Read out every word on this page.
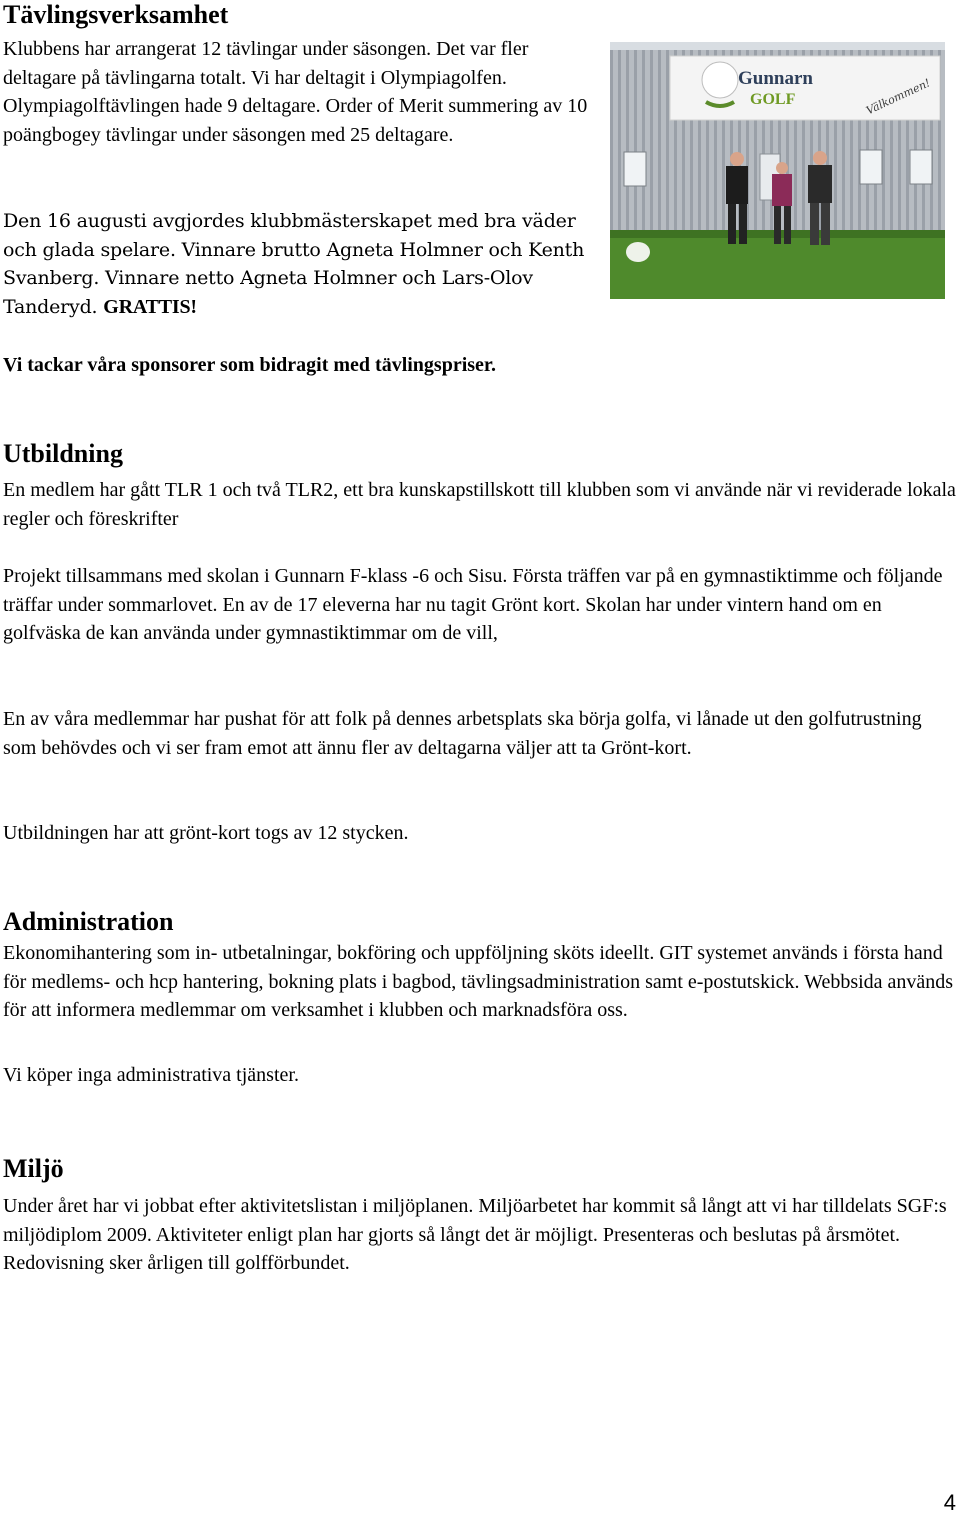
Tävlingsverksamhet

Klubbens har arrangerat 12 tävlingar under säsongen. Det var fler deltagare på tävlingarna totalt. Vi har deltagit i Olympiagolfen. Olympiagolftävlingen hade 9 deltagare. Order of Merit summering av 10 poängbogey tävlingar under säsongen med 25 deltagare.

Den 16 augusti avgjordes klubbmästerskapet med bra väder och glada spelare. Vinnare brutto Agneta Holmner och Kenth Svanberg. Vinnare netto Agneta Holmner och Lars-Olov Tanderyd. GRATTIS!

Vi tackar våra sponsorer som bidragit med tävlingspriser.

Gunnarn
GOLF	Välkommen!
Utbildning

En medlem har gått TLR 1 och två TLR2, ett bra kunskapstillskott till klubben som vi använde när vi reviderade lokala regler och föreskrifter

Projekt tillsammans med skolan i Gunnarn F-klass -6 och Sisu. Första träffen var på en gymnastiktimme och följande träffar under sommarlovet. En av de 17 eleverna har nu tagit Grönt kort. Skolan har under vintern hand om en golfväska de kan använda under gymnastiktimmar om de vill,

En av våra medlemmar har pushat för att folk på dennes arbetsplats ska börja golfa, vi lånade ut den golfutrustning som behövdes och vi ser fram emot att ännu fler av deltagarna väljer att ta Grönt-kort.

Utbildningen har att grönt-kort togs av 12 stycken.

Administration

Ekonomihantering som in- utbetalningar, bokföring och uppföljning sköts ideellt. GIT systemet används i första hand för medlems- och hcp hantering, bokning plats i bagbod, tävlingsadministration samt e-postutskick. Webbsida används för att informera medlemmar om verksamhet i klubben och marknadsföra oss.

Vi köper inga administrativa tjänster.

Miljö

Under året har vi jobbat efter aktivitetslistan i miljöplanen. Miljöarbetet har kommit så långt att vi har tilldelats SGF:s miljödiplom 2009. Aktiviteter enligt plan har gjorts så långt det är möjligt. Presenteras och beslutas på årsmötet. Redovisning sker årligen till golfförbundet.

4
